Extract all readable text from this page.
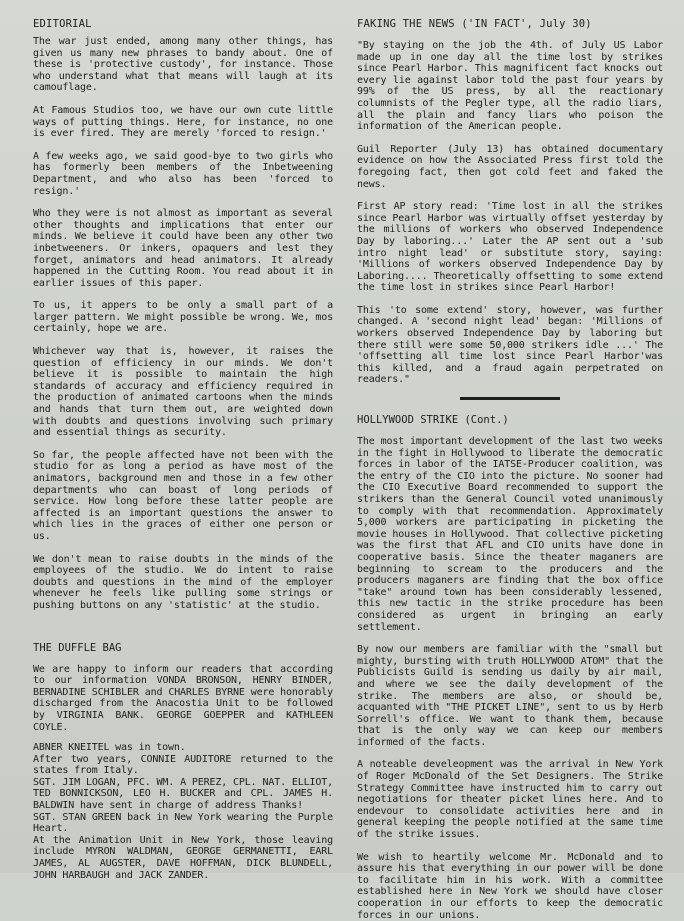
EDITORIAL

The war just ended, among many other things, has given us many new phrases to bandy about. One of these is 'protective custody', for instance. Those who understand what that means will laugh at its camouflage.

At Famous Studios too, we have our own cute little ways of putting things. Here, for instance, no one is ever fired. They are merely 'forced to resign.'

A few weeks ago, we said good-bye to two girls who has formerly been members of the Inbetweening Department, and who also has been 'forced to resign.'

Who they were is not almost as important as several other thoughts and implications that enter our minds. We believe it could have been any other two inbetweeners. Or inkers, opaquers and lest they forget, animators and head animators. It already happened in the Cutting Room. You read about it in earlier issues of this paper.

To us, it appers to be only a small part of a larger pattern. We might possible be wrong. We, mos certainly, hope we are.

Whichever way that is, however, it raises the question of efficiency in our minds. We don't believe it is possible to maintain the high standards of accuracy and efficiency required in the production of animated cartoons when the minds and hands that turn them out, are weighted down with doubts and questions involving such primary and essential things as security.

So far, the people affected have not been with the studio for as long a period as have most of the animators, background men and those in a few other departments who can boast of long periods of service. How long before these latter people are affected is an important questions the answer to which lies in the graces of either one person or us.

We don't mean to raise doubts in the minds of the employees of the studio. We do intent to raise doubts and questions in the mind of the employer whenever he feels like pulling some strings or pushing buttons on any 'statistic' at the studio.

THE DUFFLE BAG

We are happy to inform our readers that according to our information VONDA BRONSON, HENRY BINDER, BERNADINE SCHIBLER and CHARLES BYRNE were honorably discharged from the Anacostia Unit to be followed by VIRGINIA BANK. GEORGE GOEPPER and KATHLEEN COYLE.

ABNER KNEITEL was in town.

After two years, CONNIE AUDITORE returned to the states from Italy.

SGT. JIM LOGAN, PFC. WM. A PEREZ, CPL. NAT. ELLIOT, TED BONNICKSON, LEO H. BUCKER and CPL. JAMES H. BALDWIN have sent in charge of address Thanks!

SGT. STAN GREEN back in New York wearing the Purple Heart.

At the Animation Unit in New York, those leaving include MYRON WALDMAN, GEORGE GERMANETTI, EARL JAMES, AL AUGSTER, DAVE HOFFMAN, DICK BLUNDELL, JOHN HARBAUGH and JACK ZANDER.

FAKING THE NEWS ('IN FACT', July 30)

"By staying on the job the 4th. of July US Labor made up in one day all the time lost by strikes since Pearl Harbor. This magnificent fact knocks out every lie against labor told the past four years by 99% of the US press, by all the reactionary columnists of the Pegler type, all the radio liars, all the plain and fancy liars who poison the information of the American people.

Guil Reporter (July 13) has obtained documentary evidence on how the Associated Press first told the foregoing fact, then got cold feet and faked the news.

First AP story read: 'Time lost in all the strikes since Pearl Harbor was virtually offset yesterday by the millions of workers who observed Independence Day by laboring...' Later the AP sent out a 'sub intro night lead' or substitute story, saying: 'Millions of workers observed Independence Day by Laboring.... Theoretically offsetting to some extend the time lost in strikes since Pearl Harbor!

This 'to some extend' story, however, was further changed. A 'second night lead' began: 'Millions of workers observed Independence Day by laboring but there still were some 50,000 strikers idle ...' The 'offsetting all time lost since Pearl Harbor'was this killed, and a fraud again perpetrated on readers."

HOLLYWOOD STRIKE (Cont.)

The most important development of the last two weeks in the fight in Hollywood to liberate the democratic forces in labor of the IATSE-Producer coalition, was the entry of the CIO into the picture. No sooner had the CIO Executive Board recommended to support the strikers than the General Council voted unanimously to comply with that recommendation. Approximately 5,000 workers are participating in picketing the movie houses in Hollywood. That collective picketing was the first that AFL and CIO units have done in cooperative basis. Since the theater maganers are beginning to scream to the producers and the producers maganers are finding that the box office "take" around town has been considerably lessened, this new tactic in the strike procedure has been considered as urgent in bringing an early settlement.

By now our members are familiar with the "small but mighty, bursting with truth HOLLYWOOD ATOM" that the Publicists Guild is sending us daily by air mail, and where we see the daily development of the strike. The members are also, or should be, acquanted with "THE PICKET LINE", sent to us by Herb Sorrell's office. We want to thank them, because that is the only way we can keep our members informed of the facts.

A noteable develeopment was the arrival in New York of Roger McDonald of the Set Designers. The Strike Strategy Committee have instructed him to carry out negotiations for theater picket lines here. And to endevour to consolidate activities here and in general keeping the people notified at the same time of the strike issues.

We wish to heartily welcome Mr. McDonald and to assure his that everything in our power will be done to facilitate him in his work. With a committee established here in New York we should have closer cooperation in our efforts to keep the democratic forces in our unions.
